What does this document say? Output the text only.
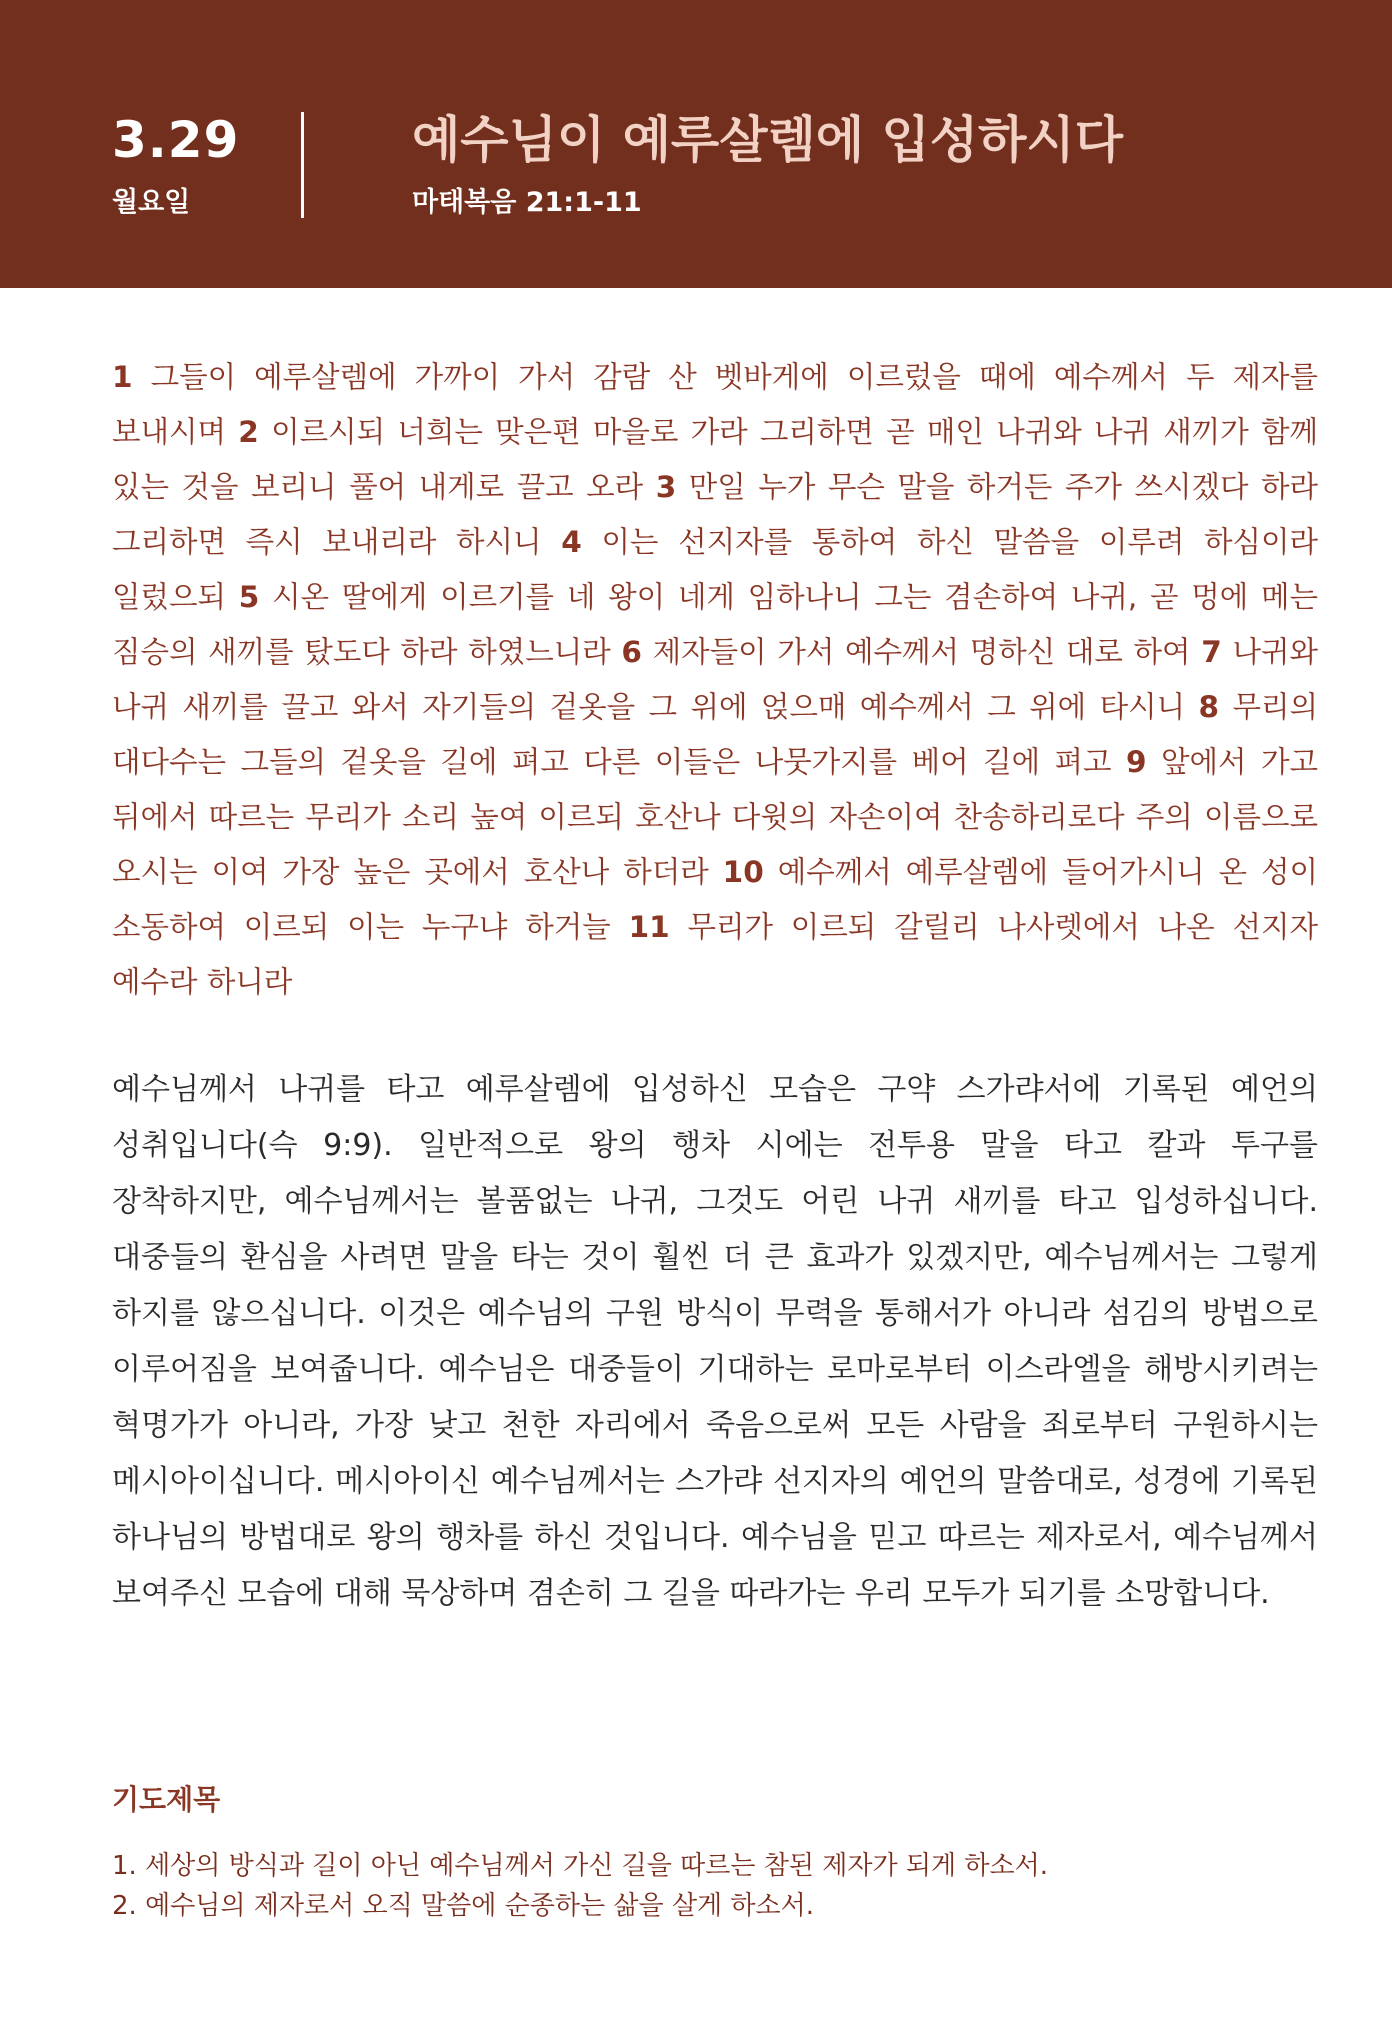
3.29
월요일
예수님이 예루살렘에 입성하시다
마태복음 21:1-11
1 그들이 예루살렘에 가까이 가서 감람 산 벳바게에 이르렀을 때에 예수께서 두 제자를 보내시며 2 이르시되 너희는 맞은편 마을로 가라 그리하면 곧 매인 나귀와 나귀 새끼가 함께 있는 것을 보리니 풀어 내게로 끌고 오라 3 만일 누가 무슨 말을 하거든 주가 쓰시겠다 하라 그리하면 즉시 보내리라 하시니 4 이는 선지자를 통하여 하신 말씀을 이루려 하심이라 일렀으되 5 시온 딸에게 이르기를 네 왕이 네게 임하나니 그는 겸손하여 나귀, 곧 멍에 메는 짐승의 새끼를 탔도다 하라 하였느니라 6 제자들이 가서 예수께서 명하신 대로 하여 7 나귀와 나귀 새끼를 끌고 와서 자기들의 겉옷을 그 위에 얹으매 예수께서 그 위에 타시니 8 무리의 대다수는 그들의 겉옷을 길에 펴고 다른 이들은 나뭇가지를 베어 길에 펴고 9 앞에서 가고 뒤에서 따르는 무리가 소리 높여 이르되 호산나 다윗의 자손이여 찬송하리로다 주의 이름으로 오시는 이여 가장 높은 곳에서 호산나 하더라 10 예수께서 예루살렘에 들어가시니 온 성이 소동하여 이르되 이는 누구냐 하거늘 11 무리가 이르되 갈릴리 나사렛에서 나온 선지자 예수라 하니라
예수님께서 나귀를 타고 예루살렘에 입성하신 모습은 구약 스가랴서에 기록된 예언의 성취입니다(슥 9:9). 일반적으로 왕의 행차 시에는 전투용 말을 타고 칼과 투구를 장착하지만, 예수님께서는 볼품없는 나귀, 그것도 어린 나귀 새끼를 타고 입성하십니다. 대중들의 환심을 사려면 말을 타는 것이 훨씬 더 큰 효과가 있겠지만, 예수님께서는 그렇게 하지를 않으십니다. 이것은 예수님의 구원 방식이 무력을 통해서가 아니라 섬김의 방법으로 이루어짐을 보여줍니다. 예수님은 대중들이 기대하는 로마로부터 이스라엘을 해방시키려는 혁명가가 아니라, 가장 낮고 천한 자리에서 죽음으로써 모든 사람을 죄로부터 구원하시는 메시아이십니다. 메시아이신 예수님께서는 스가랴 선지자의 예언의 말씀대로, 성경에 기록된 하나님의 방법대로 왕의 행차를 하신 것입니다. 예수님을 믿고 따르는 제자로서, 예수님께서 보여주신 모습에 대해 묵상하며 겸손히 그 길을 따라가는 우리 모두가 되기를 소망합니다.
기도제목
1. 세상의 방식과 길이 아닌 예수님께서 가신 길을 따르는 참된 제자가 되게 하소서.
2. 예수님의 제자로서 오직 말씀에 순종하는 삶을 살게 하소서.
